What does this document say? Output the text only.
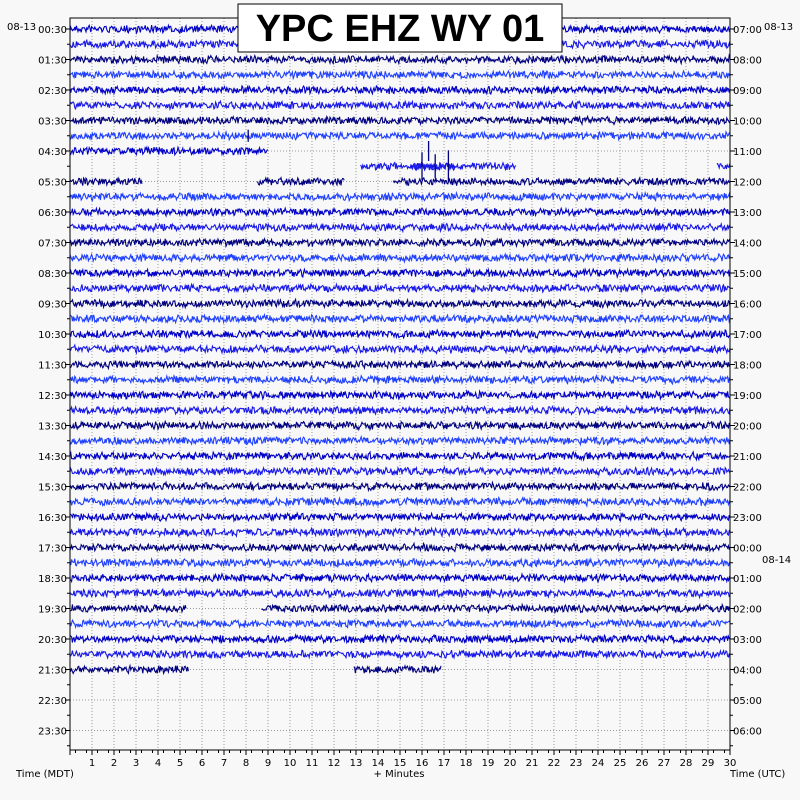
1 2 3 4 5 6 7 8 9 10 11 12 13 14 15 16 17 18 19 20 21 22 23 24 25 26 27 28 29 30
00:30
01:30
02:30
03:30
04:30
05:30
06:30
07:30
08:30
09:30
10:30
11:30
12:30
13:30
14:30
15:30
16:30
17:30
18:30
19:30
20:30
21:30
22:30
23:30
07:00
08:00
09:00
10:00
11:00
12:00
13:00
14:00
15:00
16:00
17:00
18:00
19:00
20:00
21:00
22:00
23:00
00:00
01:00
02:00
03:00
04:00
05:00
06:00
YPC EHZ WY 01
08-13	08-13
08-14
Time (MDT)	Time (UTC)
+ Minutes
